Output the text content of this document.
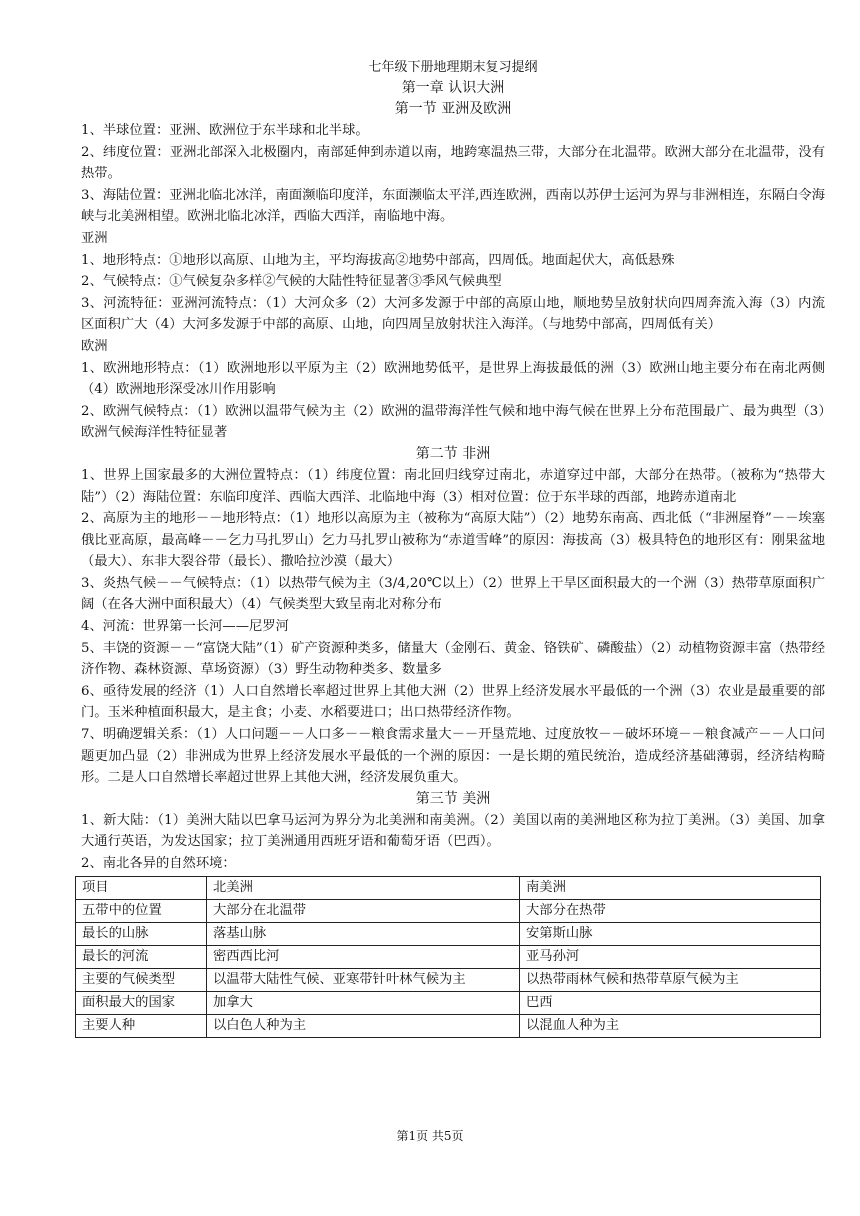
七年级下册地理期末复习提纲
第一章 认识大洲
第一节 亚洲及欧洲

1、半球位置：亚洲、欧洲位于东半球和北半球。

2、纬度位置：亚洲北部深入北极圈内，南部延伸到赤道以南，地跨寒温热三带，大部分在北温带。欧洲大部分在北温带，没有热带。

3、海陆位置：亚洲北临北冰洋，南面濒临印度洋，东面濒临太平洋,西连欧洲，西南以苏伊士运河为界与非洲相连，东隔白令海峡与北美洲相望。欧洲北临北冰洋，西临大西洋，南临地中海。

亚洲

1、地形特点：①地形以高原、山地为主，平均海拔高②地势中部高，四周低。地面起伏大，高低悬殊

2、气候特点：①气候复杂多样②气候的大陆性特征显著③季风气候典型

3、河流特征：亚洲河流特点：（1）大河众多（2）大河多发源于中部的高原山地，顺地势呈放射状向四周奔流入海（3）内流区面积广大（4）大河多发源于中部的高原、山地，向四周呈放射状注入海洋。（与地势中部高，四周低有关）

欧洲

1、欧洲地形特点：（1）欧洲地形以平原为主（2）欧洲地势低平，是世界上海拔最低的洲（3）欧洲山地主要分布在南北两侧（4）欧洲地形深受冰川作用影响

2、欧洲气候特点：（1）欧洲以温带气候为主（2）欧洲的温带海洋性气候和地中海气候在世界上分布范围最广、最为典型（3）欧洲气候海洋性特征显著

第二节 非洲

1、世界上国家最多的大洲位置特点：（1）纬度位置：南北回归线穿过南北，赤道穿过中部，大部分在热带。（被称为“热带大陆”）（2）海陆位置：东临印度洋、西临大西洋、北临地中海（3）相对位置：位于东半球的西部，地跨赤道南北

2、高原为主的地形－－地形特点：（1）地形以高原为主（被称为“高原大陆”）（2）地势东南高、西北低（“非洲屋脊”－－埃塞俄比亚高原，最高峰－－乞力马扎罗山）乞力马扎罗山被称为“赤道雪峰”的原因：海拔高（3）极具特色的地形区有：刚果盆地（最大）、东非大裂谷带（最长）、撒哈拉沙漠（最大）

3、炎热气候－－气候特点：（1）以热带气候为主（3/4,20℃以上）（2）世界上干旱区面积最大的一个洲（3）热带草原面积广阔（在各大洲中面积最大）（4）气候类型大致呈南北对称分布

4、河流：世界第一长河——尼罗河

5、丰饶的资源－－“富饶大陆”（1）矿产资源种类多，储量大（金刚石、黄金、铬铁矿、磷酸盐）（2）动植物资源丰富（热带经济作物、森林资源、草场资源）（3）野生动物种类多、数量多

6、亟待发展的经济（1）人口自然增长率超过世界上其他大洲（2）世界上经济发展水平最低的一个洲（3）农业是最重要的部门。玉米种植面积最大，是主食；小麦、水稻要进口；出口热带经济作物。

7、明确逻辑关系：（1）人口问题－－人口多－－粮食需求量大－－开垦荒地、过度放牧－－破坏环境－－粮食减产－－人口问题更加凸显（2）非洲成为世界上经济发展水平最低的一个洲的原因：一是长期的殖民统治，造成经济基础薄弱，经济结构畸形。二是人口自然增长率超过世界上其他大洲，经济发展负重大。

第三节 美洲

1、新大陆：（1）美洲大陆以巴拿马运河为界分为北美洲和南美洲。（2）美国以南的美洲地区称为拉丁美洲。（3）美国、加拿大通行英语，为发达国家；拉丁美洲通用西班牙语和葡萄牙语（巴西）。

2、南北各异的自然环境：

项目	北美洲	南美洲
五带中的位置	大部分在北温带	大部分在热带
最长的山脉	落基山脉	安第斯山脉
最长的河流	密西西比河	亚马孙河
主要的气候类型	以温带大陆性气候、亚寒带针叶林气候为主	以热带雨林气候和热带草原气候为主
面积最大的国家	加拿大	巴西
主要人种	以白色人种为主	以混血人种为主
第1页 共5页
